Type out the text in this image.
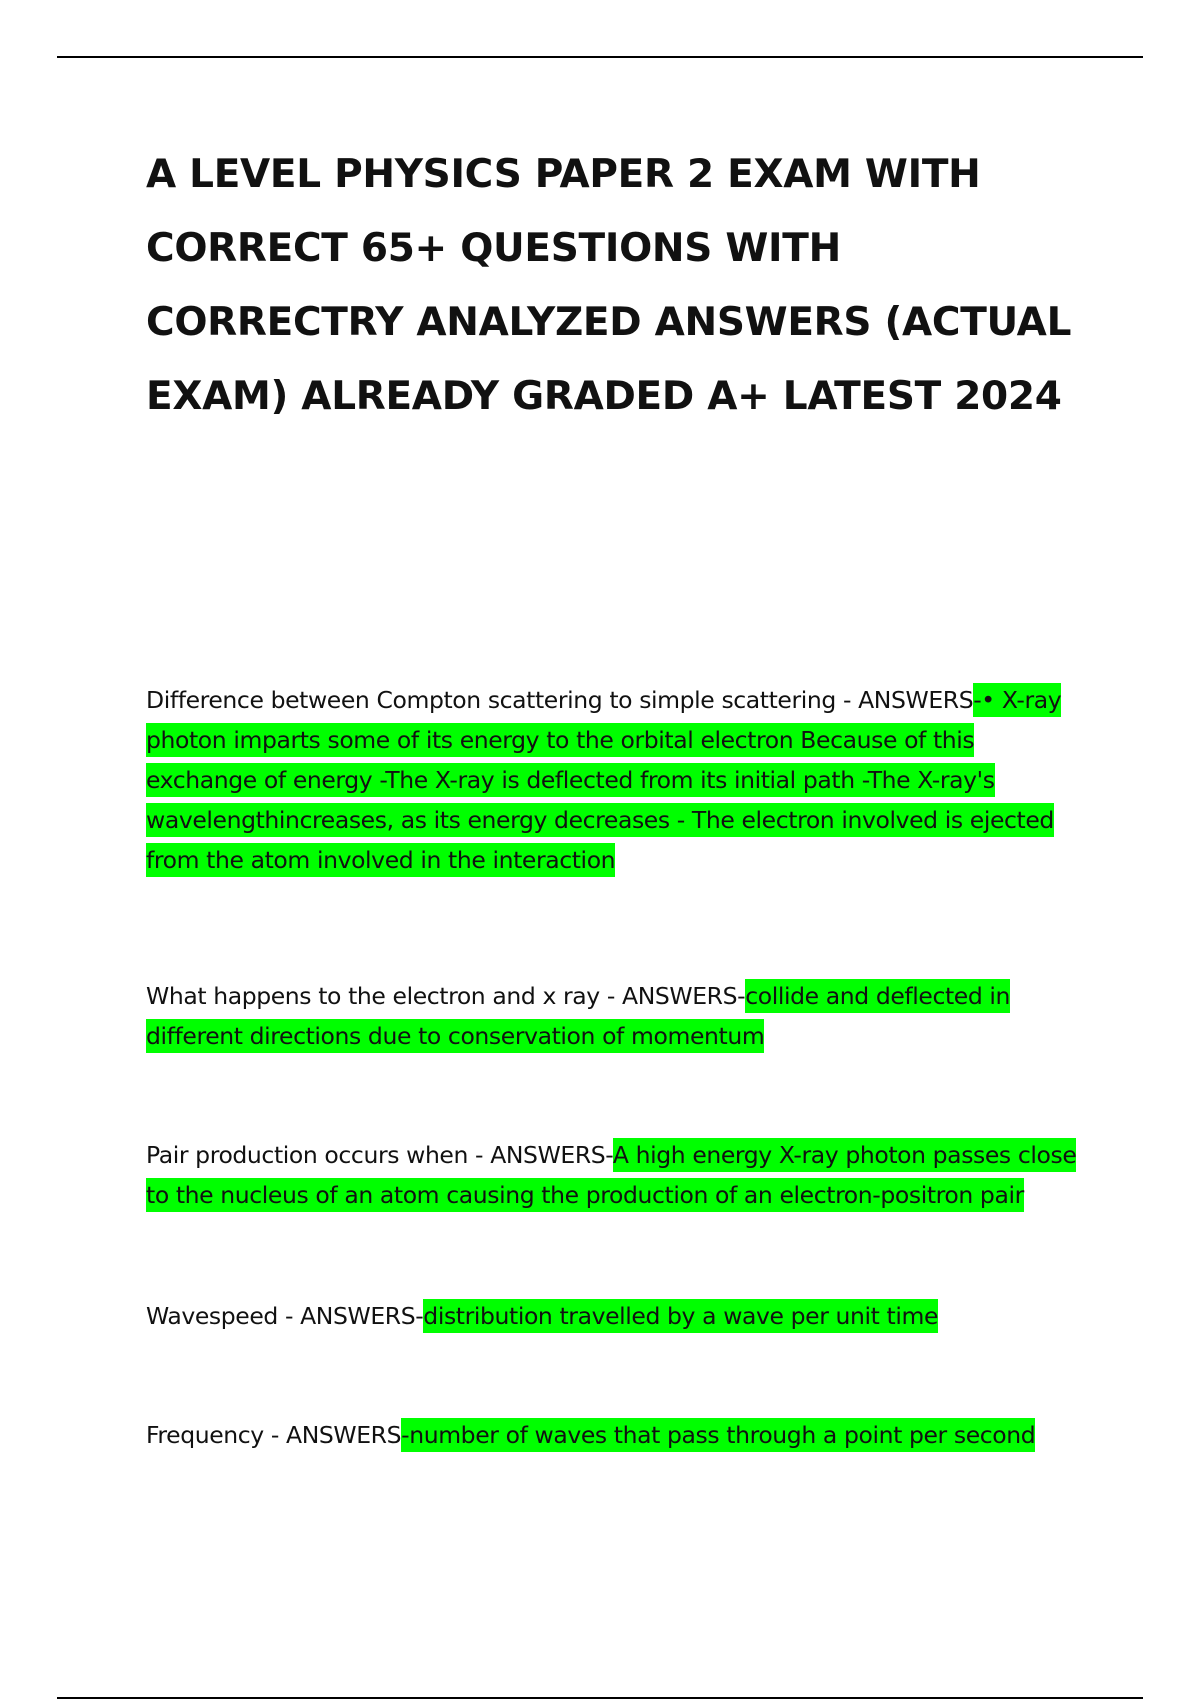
A LEVEL PHYSICS PAPER 2 EXAM WITH CORRECT 65+ QUESTIONS WITH CORRECTRY ANALYZED ANSWERS (ACTUAL EXAM) ALREADY GRADED A+ LATEST 2024

Difference between Compton scattering to simple scattering - ANSWERS-• X-ray photon imparts some of its energy to the orbital electron Because of this exchange of energy -The X-ray is deflected from its initial path -The X-ray's wavelengthincreases, as its energy decreases - The electron involved is ejected from the atom involved in the interaction

What happens to the electron and x ray - ANSWERS-collide and deflected in different directions due to conservation of momentum

Pair production occurs when - ANSWERS-A high energy X-ray photon passes close to the nucleus of an atom causing the production of an electron-positron pair

Wavespeed - ANSWERS-distribution travelled by a wave per unit time

Frequency - ANSWERS-number of waves that pass through a point per second
